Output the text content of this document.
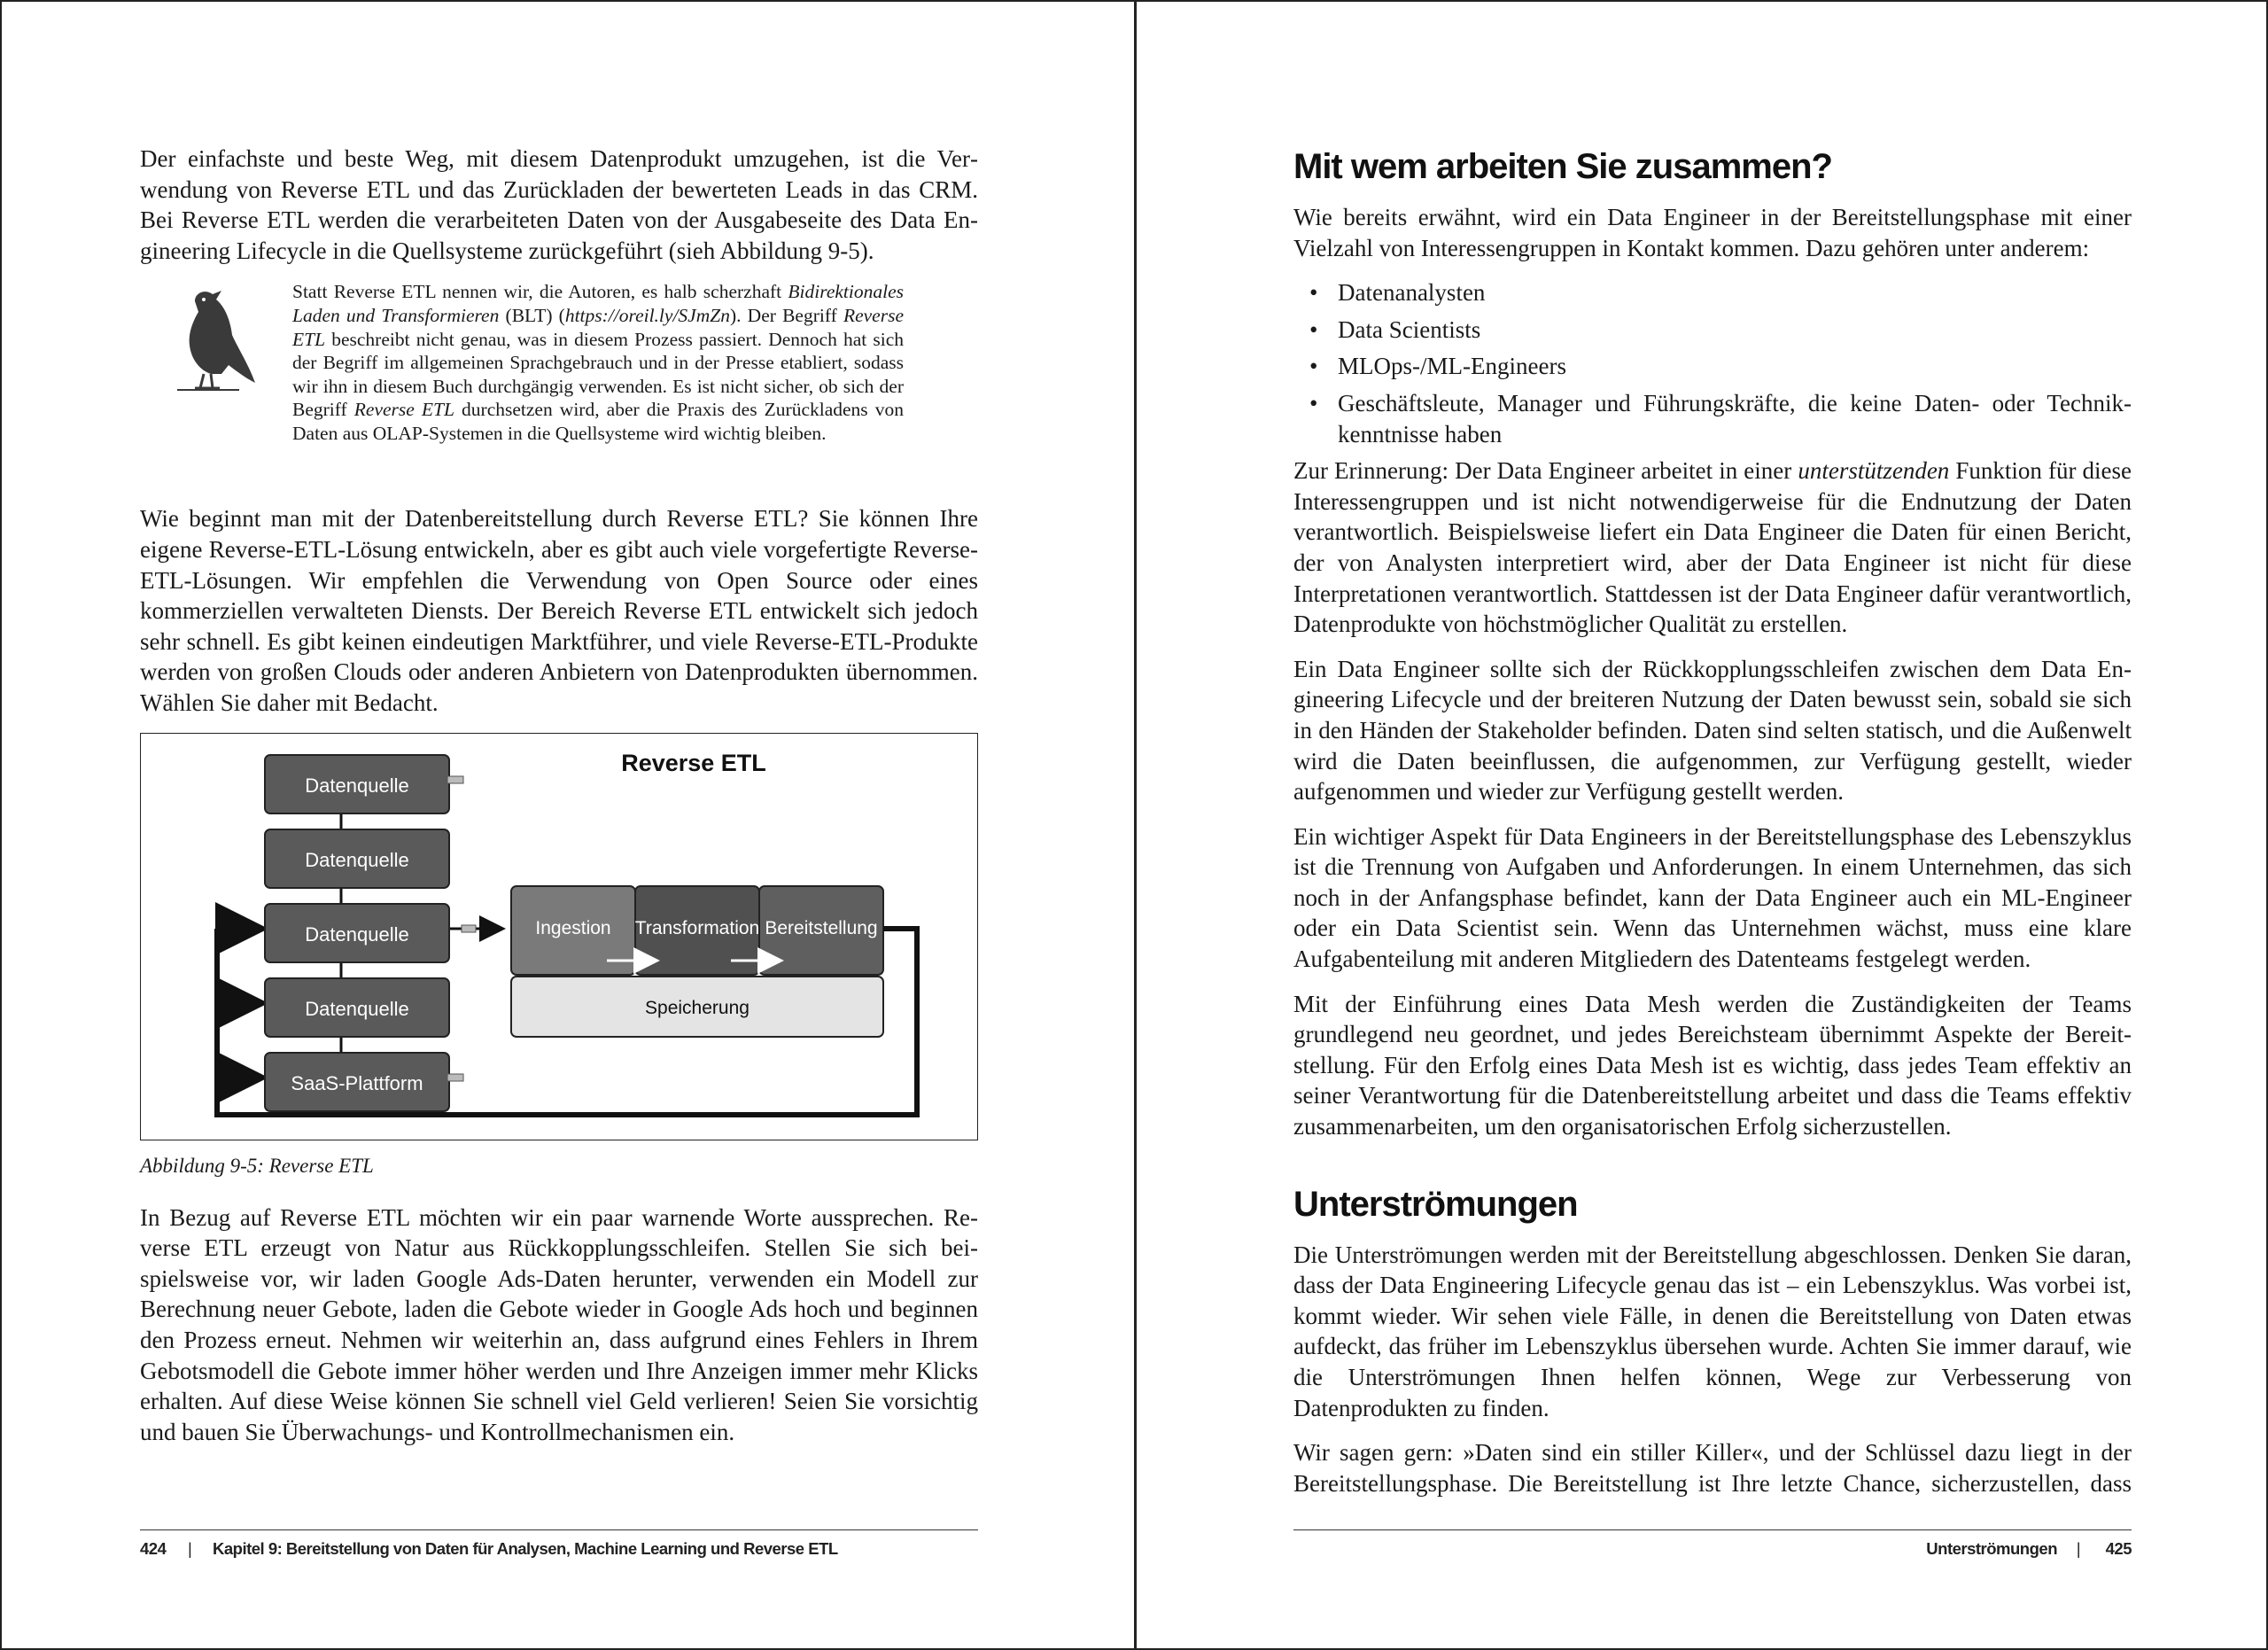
Der einfachste und beste Weg, mit diesem Datenprodukt umzugehen, ist die Verwendung von Reverse ETL und das Zurückladen der bewerteten Leads in das CRM. Bei Reverse ETL werden die verarbeiteten Daten von der Ausgabeseite des Data Engineering Lifecycle in die Quellsysteme zurückgeführt (sieh Abbildung 9-5).

Statt Reverse ETL nennen wir, die Autoren, es halb scherzhaft Bidirektionales Laden und Transformieren (BLT) (https://oreil.ly/SJmZn). Der Begriff Reverse ETL beschreibt nicht genau, was in diesem Prozess passiert. Dennoch hat sich der Begriff im allgemeinen Sprachgebrauch und in der Presse etabliert, sodass wir ihn in diesem Buch durchgängig verwenden. Es ist nicht sicher, ob sich der Begriff Reverse ETL durchsetzen wird, aber die Praxis des Zurückladens von Daten aus OLAP-Systemen in die Quellsysteme wird wichtig bleiben.

Wie beginnt man mit der Datenbereitstellung durch Reverse ETL? Sie können Ihre eigene Reverse-ETL-Lösung entwickeln, aber es gibt auch viele vorgefertigte Reverse-ETL-Lösungen. Wir empfehlen die Verwendung von Open Source oder eines kommerziellen verwalteten Diensts. Der Bereich Reverse ETL entwickelt sich jedoch sehr schnell. Es gibt keinen eindeutigen Marktführer, und viele Reverse-ETL-Produkte werden von großen Clouds oder anderen Anbietern von Datenprodukten übernommen. Wählen Sie daher mit Bedacht.

Reverse ETL
Datenquelle
Datenquelle
Datenquelle
Datenquelle
SaaS-Plattform
Ingestion Transformation Bereitstellung
Speicherung
Abbildung 9-5: Reverse ETL

In Bezug auf Reverse ETL möchten wir ein paar warnende Worte aussprechen. Reverse ETL erzeugt von Natur aus Rückkopplungsschleifen. Stellen Sie sich beispielsweise vor, wir laden Google Ads-Daten herunter, verwenden ein Modell zur Berechnung neuer Gebote, laden die Gebote wieder in Google Ads hoch und beginnen den Prozess erneut. Nehmen wir weiterhin an, dass aufgrund eines Fehlers in Ihrem Gebotsmodell die Gebote immer höher werden und Ihre Anzeigen immer mehr Klicks erhalten. Auf diese Weise können Sie schnell viel Geld verlieren! Seien Sie vorsichtig und bauen Sie Überwachungs- und Kontrollmechanismen ein.

424 | Kapitel 9: Bereitstellung von Daten für Analysen, Machine Learning und Reverse ETL
Mit wem arbeiten Sie zusammen?

Wie bereits erwähnt, wird ein Data Engineer in der Bereitstellungsphase mit einer Vielzahl von Interessengruppen in Kontakt kommen. Dazu gehören unter anderem:

• Datenanalysten
• Data Scientists
• MLOps-/ML-Engineers
• Geschäftsleute, Manager und Führungskräfte, die keine Daten- oder Technikkenntnisse haben

Zur Erinnerung: Der Data Engineer arbeitet in einer unterstützenden Funktion für diese Interessengruppen und ist nicht notwendigerweise für die Endnutzung der Daten verantwortlich. Beispielsweise liefert ein Data Engineer die Daten für einen Bericht, der von Analysten interpretiert wird, aber der Data Engineer ist nicht für diese Interpretationen verantwortlich. Stattdessen ist der Data Engineer dafür verantwortlich, Datenprodukte von höchstmöglicher Qualität zu erstellen.

Ein Data Engineer sollte sich der Rückkopplungsschleifen zwischen dem Data Engineering Lifecycle und der breiteren Nutzung der Daten bewusst sein, sobald sie sich in den Händen der Stakeholder befinden. Daten sind selten statisch, und die Außenwelt wird die Daten beeinflussen, die aufgenommen, zur Verfügung gestellt, wieder aufgenommen und wieder zur Verfügung gestellt werden.

Ein wichtiger Aspekt für Data Engineers in der Bereitstellungsphase des Lebenszyklus ist die Trennung von Aufgaben und Anforderungen. In einem Unternehmen, das sich noch in der Anfangsphase befindet, kann der Data Engineer auch ein ML-Engineer oder ein Data Scientist sein. Wenn das Unternehmen wächst, muss eine klare Aufgabenteilung mit anderen Mitgliedern des Datenteams festgelegt werden.

Mit der Einführung eines Data Mesh werden die Zuständigkeiten der Teams grundlegend neu geordnet, und jedes Bereichsteam übernimmt Aspekte der Bereitstellung. Für den Erfolg eines Data Mesh ist es wichtig, dass jedes Team effektiv an seiner Verantwortung für die Datenbereitstellung arbeitet und dass die Teams effektiv zusammenarbeiten, um den organisatorischen Erfolg sicherzustellen.

Unterströmungen

Die Unterströmungen werden mit der Bereitstellung abgeschlossen. Denken Sie daran, dass der Data Engineering Lifecycle genau das ist – ein Lebenszyklus. Was vorbei ist, kommt wieder. Wir sehen viele Fälle, in denen die Bereitstellung von Daten etwas aufdeckt, das früher im Lebenszyklus übersehen wurde. Achten Sie immer darauf, wie die Unterströmungen Ihnen helfen können, Wege zur Verbesserung von Datenprodukten zu finden.

Wir sagen gern: »Daten sind ein stiller Killer«, und der Schlüssel dazu liegt in der Bereitstellungsphase. Die Bereitstellung ist Ihre letzte Chance, sicherzustellen, dass

Unterströmungen | 425
